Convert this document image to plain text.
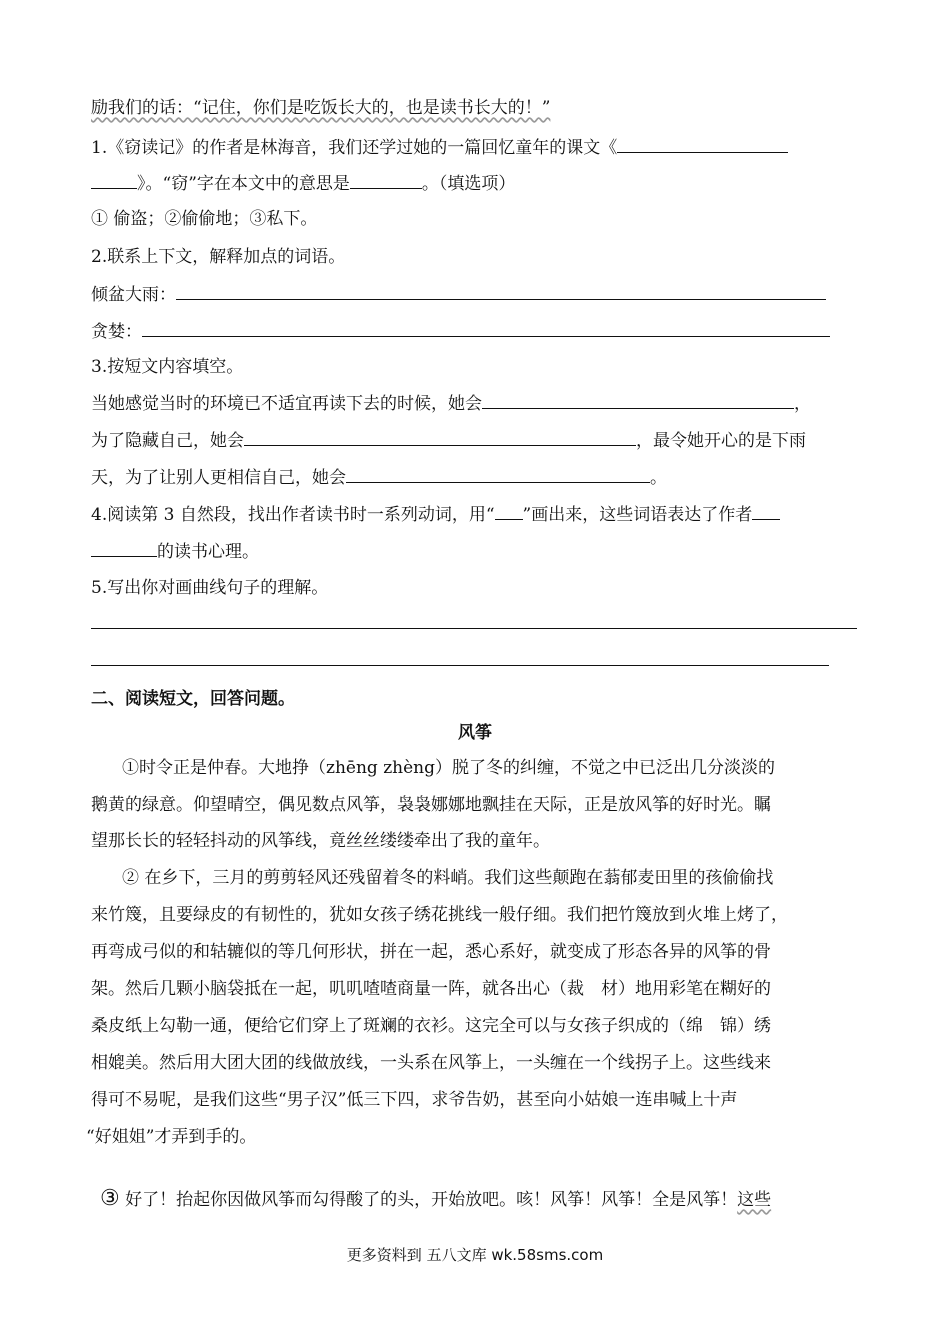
励我们的话：“记住，你们是吃饭长大的，也是读书长大的！”
1.《窃读记》的作者是林海音，我们还学过她的一篇回忆童年的课文《
》。“窃”字在本文中的意思是	。（填选项）
① 偷盗；②偷偷地；③私下。
2.联系上下文，解释加点的词语。
倾盆大雨：
贪婪：
3.按短文内容填空。
当她感觉当时的环境已不适宜再读下去的时候，她会	，
为了隐藏自己，她会	，最令她开心的是下雨
天，为了让别人更相信自己，她会	。
4.阅读第 3 自然段，找出作者读书时一系列动词，用“ ”画出来，这些词语表达了作者
的读书心理。
5.写出你对画曲线句子的理解。
二、阅读短文，回答问题。
风筝
①时令正是仲春。大地挣（zhēng zhèng）脱了冬的纠缠，不觉之中已泛出几分淡淡的
鹅黄的绿意。仰望晴空，偶见数点风筝，袅袅娜娜地飘挂在天际，正是放风筝的好时光。瞩
望那长长的轻轻抖动的风筝线，竟丝丝缕缕牵出了我的童年。
② 在乡下，三月的剪剪轻风还残留着冬的料峭。我们这些颠跑在蓊郁麦田里的孩偷偷找
来竹篾，且要绿皮的有韧性的，犹如女孩子绣花挑线一般仔细。我们把竹篾放到火堆上烤了，
再弯成弓似的和轱辘似的等几何形状，拼在一起，悉心系好，就变成了形态各异的风筝的骨
架。然后几颗小脑袋抵在一起，叽叽喳喳商量一阵，就各出心（裁　材）地用彩笔在糊好的
桑皮纸上勾勒一通，便给它们穿上了斑斓的衣衫。这完全可以与女孩子织成的（绵　锦）绣
相媲美。然后用大团大团的线做放线，一头系在风筝上，一头缠在一个线拐子上。这些线来
得可不易呢，是我们这些“男子汉”低三下四，求爷告奶，甚至向小姑娘一连串喊上十声
“好姐姐”才弄到手的。
③ 好了！抬起你因做风筝而勾得酸了的头，开始放吧。咳！风筝！风筝！全是风筝！这些
更多资料到 五八文库 wk.58sms.com
